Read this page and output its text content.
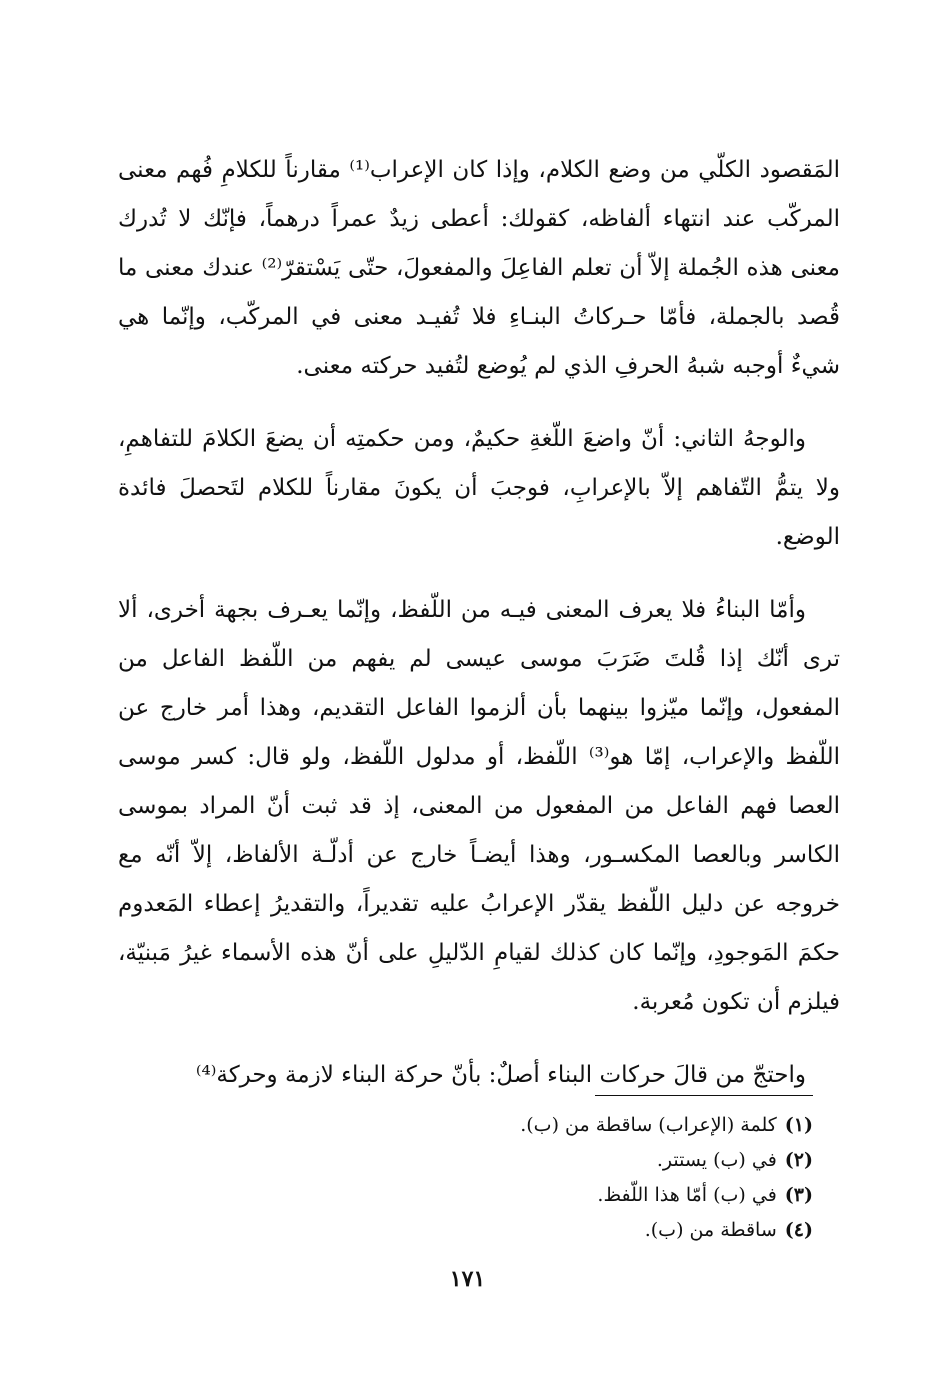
المَقصود الكلّي من وضع الكلام، وإذا كان الإعراب⁽¹⁾ مقارناً للكلامِ فُهم معنى المركّب عند انتهاء ألفاظه، كقولك: أعطى زيدٌ عمراً درهماً، فإنّك لا تُدرك معنى هذه الجُملة إلاّ أن تعلم الفاعِلَ والمفعولَ، حتّى يَسْتقرّ⁽²⁾ عندك معنى ما قُصد بالجملة، فأمّا حـركاتُ البنـاءِ فلا تُفيـد معنى في المركّب، وإنّما هي شيءٌ أوجبه شبهُ الحرفِ الذي لم يُوضع لتُفيد حركته معنى.

والوجهُ الثاني: أنّ واضعَ اللّغةِ حكيمٌ، ومن حكمتِه أن يضعَ الكلامَ للتفاهمِ، ولا يتمُّ التّفاهم إلاّ بالإعرابِ، فوجبَ أن يكونَ مقارناً للكلام لتَحصلَ فائدة الوضع.

وأمّا البناءُ فلا يعرف المعنى فيـه من اللّفظ، وإنّما يعـرف بجهة أخرى، ألا ترى أنّك إذا قُلتَ ضَرَبَ موسى عيسى لم يفهم من اللّفظ الفاعل من المفعول، وإنّما ميّزوا بينهما بأن ألزموا الفاعل التقديم، وهذا أمر خارج عن اللّفظ والإعراب، إمّا هو⁽³⁾ اللّفظ، أو مدلول اللّفظ، ولو قال: كسر موسى العصا فهم الفاعل من المفعول من المعنى، إذ قد ثبت أنّ المراد بموسى الكاسر وبالعصا المكسـور، وهذا أيضـاً خارج عن أدلّـة الألفاظ، إلاّ أنّه مع خروجه عن دليل اللّفظ يقدّر الإعرابُ عليه تقديراً، والتقديرُ إعطاء المَعدوم حكمَ المَوجودِ، وإنّما كان كذلك لقيامِ الدّليلِ على أنّ هذه الأسماء غيرُ مَبنيّة، فيلزم أن تكون مُعربة.

واحتجّ من قالَ حركات البناء أصلٌ: بأنّ حركة البناء لازمة وحركة⁽⁴⁾

(١)كلمة (الإعراب) ساقطة من (ب).
(٢)في (ب) يستتر.
(٣)في (ب) أمّا هذا اللّفظ.
(٤)ساقطة من (ب).
١٧١
